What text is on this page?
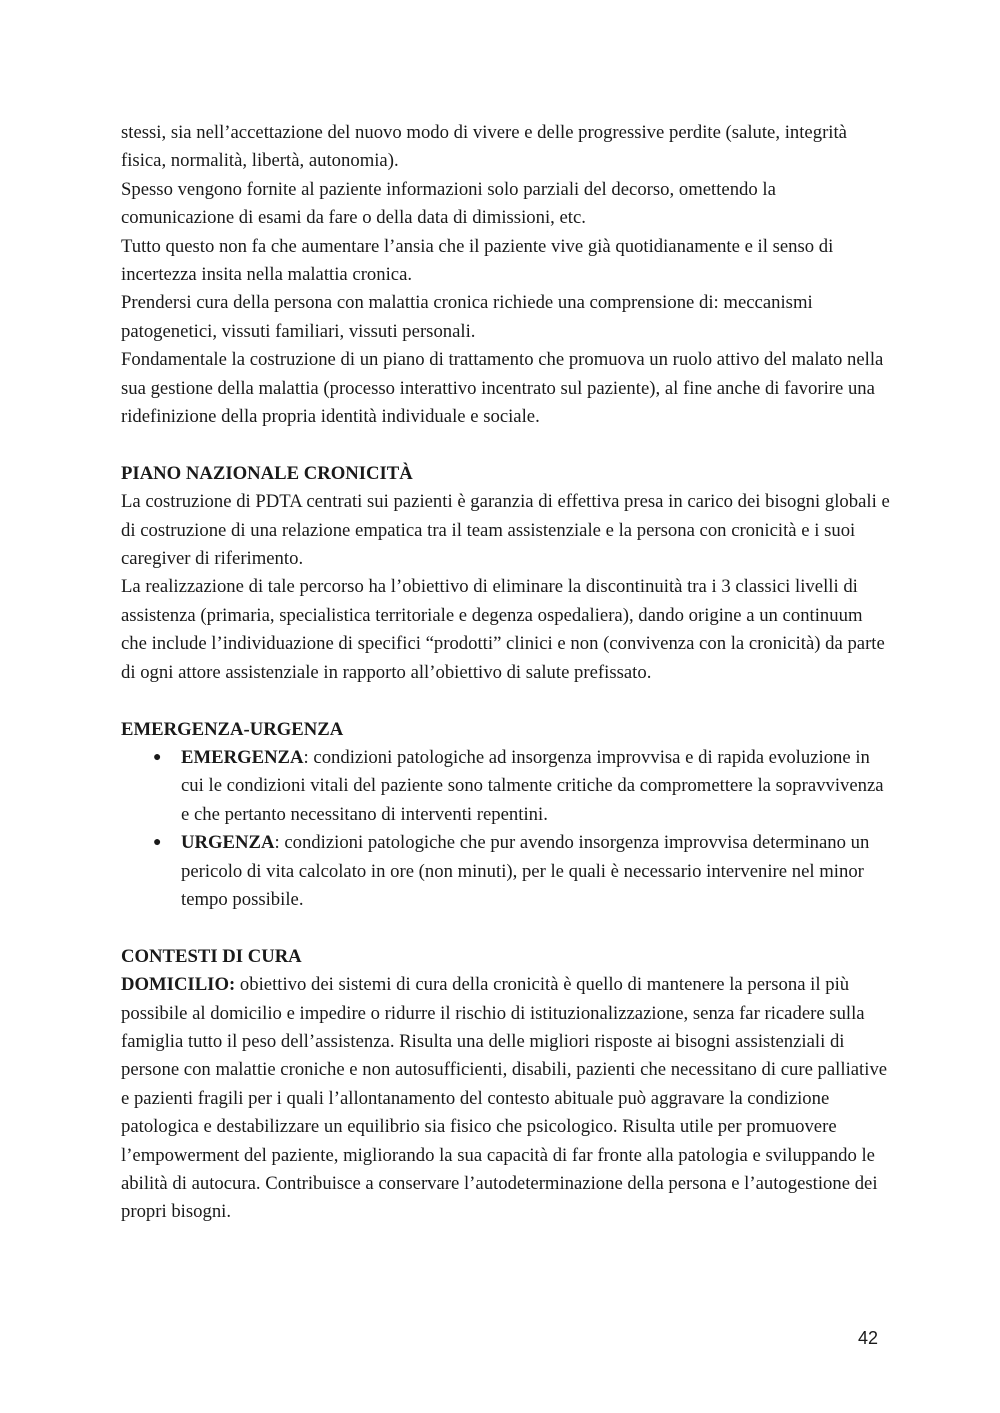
stessi, sia nell’accettazione del nuovo modo di vivere e delle progressive perdite (salute, integrità fisica, normalità, libertà, autonomia).

Spesso vengono fornite al paziente informazioni solo parziali del decorso, omettendo la comunicazione di esami da fare o della data di dimissioni, etc.

Tutto questo non fa che aumentare l’ansia che il paziente vive già quotidianamente e il senso di incertezza insita nella malattia cronica.

Prendersi cura della persona con malattia cronica richiede una comprensione di: meccanismi patogenetici, vissuti familiari, vissuti personali.

Fondamentale la costruzione di un piano di trattamento che promuova un ruolo attivo del malato nella sua gestione della malattia (processo interattivo incentrato sul paziente), al fine anche di favorire una ridefinizione della propria identità individuale e sociale.

PIANO NAZIONALE CRONICITÀ

La costruzione di PDTA centrati sui pazienti è garanzia di effettiva presa in carico dei bisogni globali e di costruzione di una relazione empatica tra il team assistenziale e la persona con cronicità e i suoi caregiver di riferimento.

La realizzazione di tale percorso ha l’obiettivo di eliminare la discontinuità tra i 3 classici livelli di assistenza (primaria, specialistica territoriale e degenza ospedaliera), dando origine a un continuum che include l’individuazione di specifici “prodotti” clinici e non (convivenza con la cronicità) da parte di ogni attore assistenziale in rapporto all’obiettivo di salute prefissato.

EMERGENZA-URGENZA

● EMERGENZA: condizioni patologiche ad insorgenza improvvisa e di rapida evoluzione in cui le condizioni vitali del paziente sono talmente critiche da compromettere la sopravvivenza e che pertanto necessitano di interventi repentini.
● URGENZA: condizioni patologiche che pur avendo insorgenza improvvisa determinano un pericolo di vita calcolato in ore (non minuti), per le quali è necessario intervenire nel minor tempo possibile.

CONTESTI DI CURA

DOMICILIO: obiettivo dei sistemi di cura della cronicità è quello di mantenere la persona il più possibile al domicilio e impedire o ridurre il rischio di istituzionalizzazione, senza far ricadere sulla famiglia tutto il peso dell’assistenza. Risulta una delle migliori risposte ai bisogni assistenziali di persone con malattie croniche e non autosufficienti, disabili, pazienti che necessitano di cure palliative e pazienti fragili per i quali l’allontanamento del contesto abituale può aggravare la condizione patologica e destabilizzare un equilibrio sia fisico che psicologico. Risulta utile per promuovere l’empowerment del paziente, migliorando la sua capacità di far fronte alla patologia e sviluppando le abilità di autocura. Contribuisce a conservare l’autodeterminazione della persona e l’autogestione dei propri bisogni.

42
